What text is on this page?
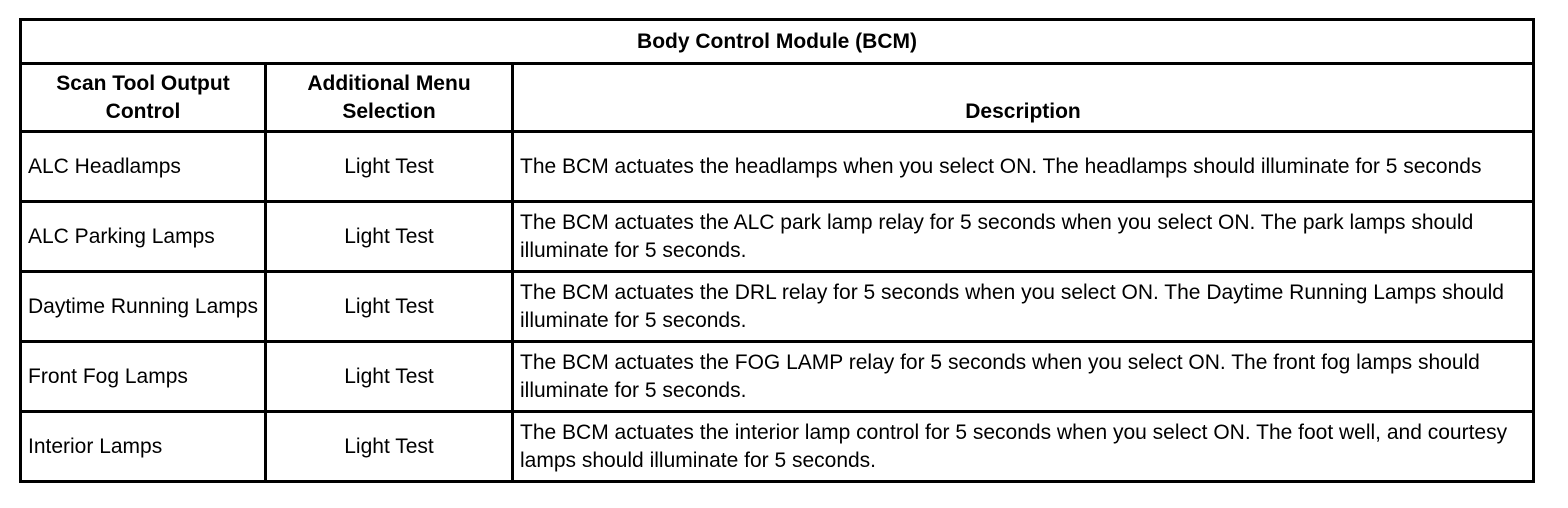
Body Control Module (BCM)		
Scan Tool Output Control	Additional Menu Selection	Description
ALC Headlamps	Light Test	The BCM actuates the headlamps when you select ON. The headlamps should illuminate for 5 seconds
ALC Parking Lamps	Light Test	The BCM actuates the ALC park lamp relay for 5 seconds when you select ON. The park lamps should illuminate for 5 seconds.
Daytime Running Lamps	Light Test	The BCM actuates the DRL relay for 5 seconds when you select ON. The Daytime Running Lamps should illuminate for 5 seconds.
Front Fog Lamps	Light Test	The BCM actuates the FOG LAMP relay for 5 seconds when you select ON. The front fog lamps should illuminate for 5 seconds.
Interior Lamps	Light Test	The BCM actuates the interior lamp control for 5 seconds when you select ON. The foot well, and courtesy lamps should illuminate for 5 seconds.
